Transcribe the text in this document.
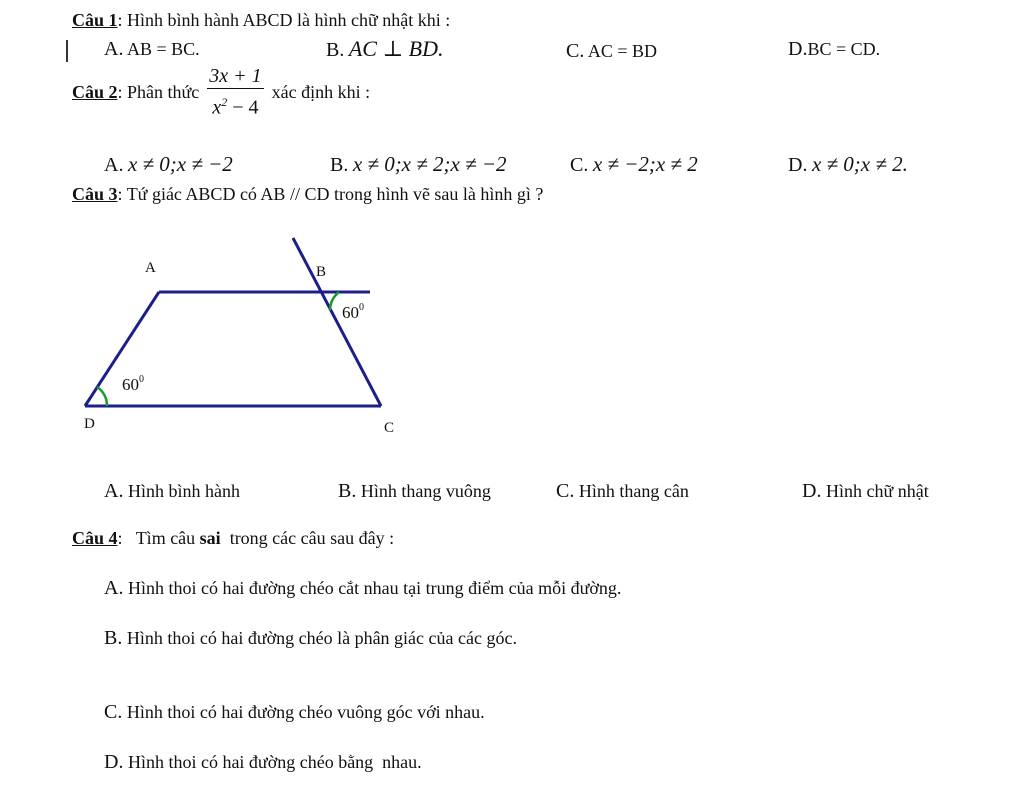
Câu 1: Hình bình hành ABCD là hình chữ nhật khi :
A. AB = BC.	B. AC ⊥ BD.	C. AC = BD	D.BC = CD.
Câu 2 : Phân thức $\frac{3x + 1}{x^2 - 4}$ xác định khi :
A. x ≠ 0;x ≠ −2	B. x ≠ 0;x ≠ 2;x ≠ −2	C. x ≠ −2;x ≠ 2	D. x ≠ 0;x ≠ 2.
Câu 3: Tứ giác ABCD có AB // CD trong hình vẽ sau là hình gì ?
A	B
C
D
$60^0$
$60^0$
A. Hình bình hành	B. Hình thang vuông	C. Hình thang cân	D. Hình chữ nhật
Câu 4:   Tìm câu sai  trong các câu sau đây :
A. Hình thoi có hai đường chéo cắt nhau tại trung điểm của mỗi đường.
B. Hình thoi có hai đường chéo là phân giác của các góc.
C. Hình thoi có hai đường chéo vuông góc với nhau.
D. Hình thoi có hai đường chéo bằng  nhau.
